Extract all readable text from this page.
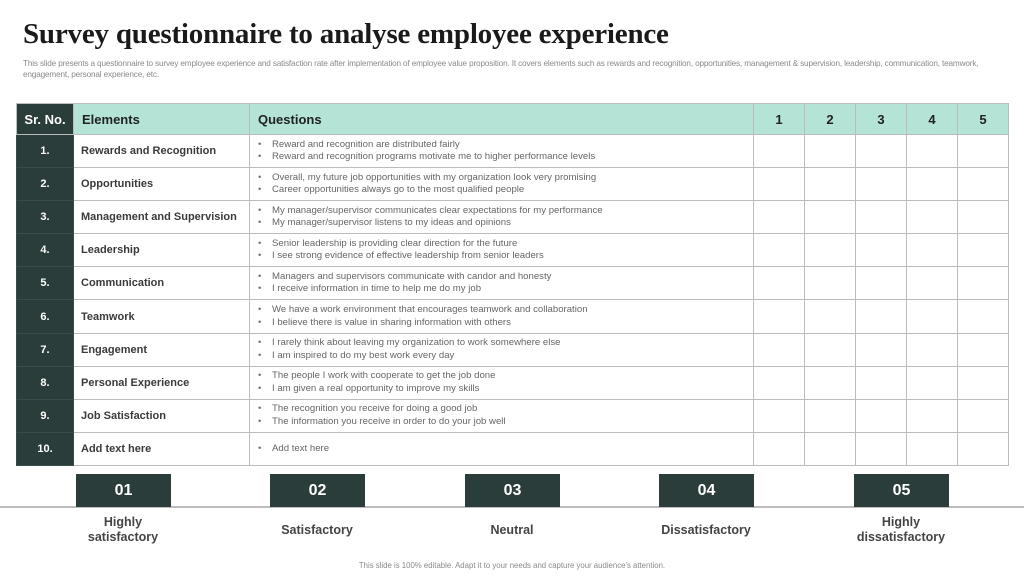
Survey questionnaire to analyse employee experience
This slide presents a questionnaire to survey employee experience and satisfaction rate after implementation of employee value proposition. It covers elements such as rewards and recognition, opportunities, management & supervision, leadership, communication, teamwork, engagement, personal experience, etc.
Sr. No.	Elements	Questions	1	2	3	4	5
1.	Rewards and Recognition	• Reward and recognition are distributed fairly
• Reward and recognition programs motivate me to higher performance levels					

2.	Opportunities	• Overall, my future job opportunities with my organization look very promising
• Career opportunities always go to the most qualified people					

3.	Management and Supervision	• My manager/supervisor communicates clear expectations for my performance
• My manager/supervisor listens to my ideas and opinions					

4.	Leadership	• Senior leadership is providing clear direction for the future
• I see strong evidence of effective leadership from senior leaders					

5.	Communication	• Managers and supervisors communicate with candor and honesty
• I receive information in time to help me do my job					

6.	Teamwork	• We have a work environment that encourages teamwork and collaboration
• I believe there is value in sharing information with others					

7.	Engagement	• I rarely think about leaving my organization to work somewhere else
• I am inspired to do my best work every day					

8.	Personal Experience	• The people I work with cooperate to get the job done
• I am given a real opportunity to improve my skills					

9.	Job Satisfaction	• The recognition you receive for doing a good job
• The information you receive in order to do your job well					

10.	Add text here	• Add text here					

01	02	03	04	05
Highly satisfactory
Satisfactory	Neutral	Dissatisfactory
Highly dissatisfactory
This slide is 100% editable. Adapt it to your needs and capture your audience's attention.
